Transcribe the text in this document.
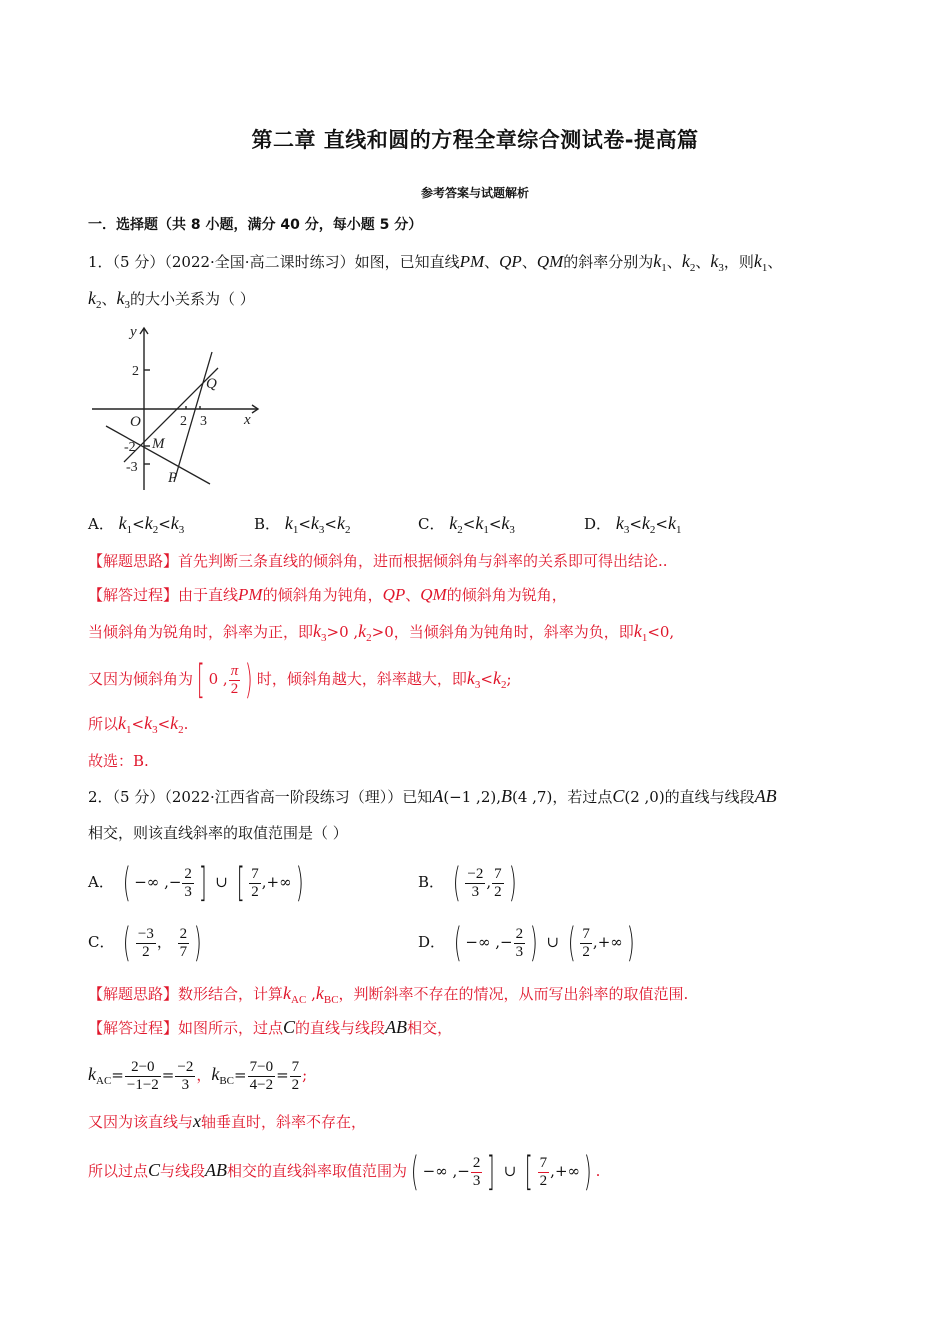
第二章 直线和圆的方程全章综合测试卷-提高篇
参考答案与试题解析
一．选择题（共 8 小题，满分 40 分，每小题 5 分）
1．（5 分）（2022·全国·高二课时练习）如图，已知直线PM、QP、QM的斜率分别为$k_1$、$k_2$、$k_3$，则$k_1$、
$k_2$、$k_3$的大小关系为（ ）
y
x
O
Q
M
P
2
2 3
-2
-3
A． $k_1<k_2<k_3$	B． $k_1<k_3<k_2$	C． $k_2<k_1<k_3$	D． $k_3<k_2<k_1$
【解题思路】首先判断三条直线的倾斜角，进而根据倾斜角与斜率的关系即可得出结论..
【解答过程】由于直线PM的倾斜角为钝角，QP、QM的倾斜角为锐角，
当倾斜角为锐角时，斜率为正，即$k_3>0$ $,k_2>0$，当倾斜角为钝角时，斜率为负，即$k_1<0$,
又因为倾斜角为[ 0 , $\frac{\pi}{2}$ ) 时，倾斜角越大，斜率越大，即$k_3<k_2$;
所以$k_1<k_3<k_2$.
故选：B.
2．（5 分）（2022·江西省高一阶段练习（理））已知A(−1 ,2),B(4 ,7)，若过点C(2 ,0)的直线与线段AB
相交，则该直线斜率的取值范围是（ ）
A． ( −∞ ,− $\frac{2}{3}$ ] ∪ [ $\frac{7}{2}$ ,+∞)	B． ( $\frac{-2}{3}$ , $\frac{7}{2}$ )
C． ( $\frac{-3}{2}$ ， $\frac{2}{7}$ )	D． ( −∞ ,− $\frac{2}{3}$ ) ∪ ( $\frac{7}{2}$ ,+∞)
【解题思路】数形结合，计算$k_{AC}$ $,k_{BC}$，判断斜率不存在的情况，从而写出斜率的取值范围.
【解答过程】如图所示，过点C的直线与线段AB相交，
$k_{AC}= \frac{2-0}{-1-2} = \frac{-2}{3}$ ，$k_{BC}= \frac{7-0}{4-2} = \frac{7}{2}$ ;
又因为该直线与x轴垂直时，斜率不存在，
所以过点C与线段AB相交的直线斜率取值范围为( −∞ ,− $\frac{2}{3}$ ] ∪ [ $\frac{7}{2}$ ,+∞) .
